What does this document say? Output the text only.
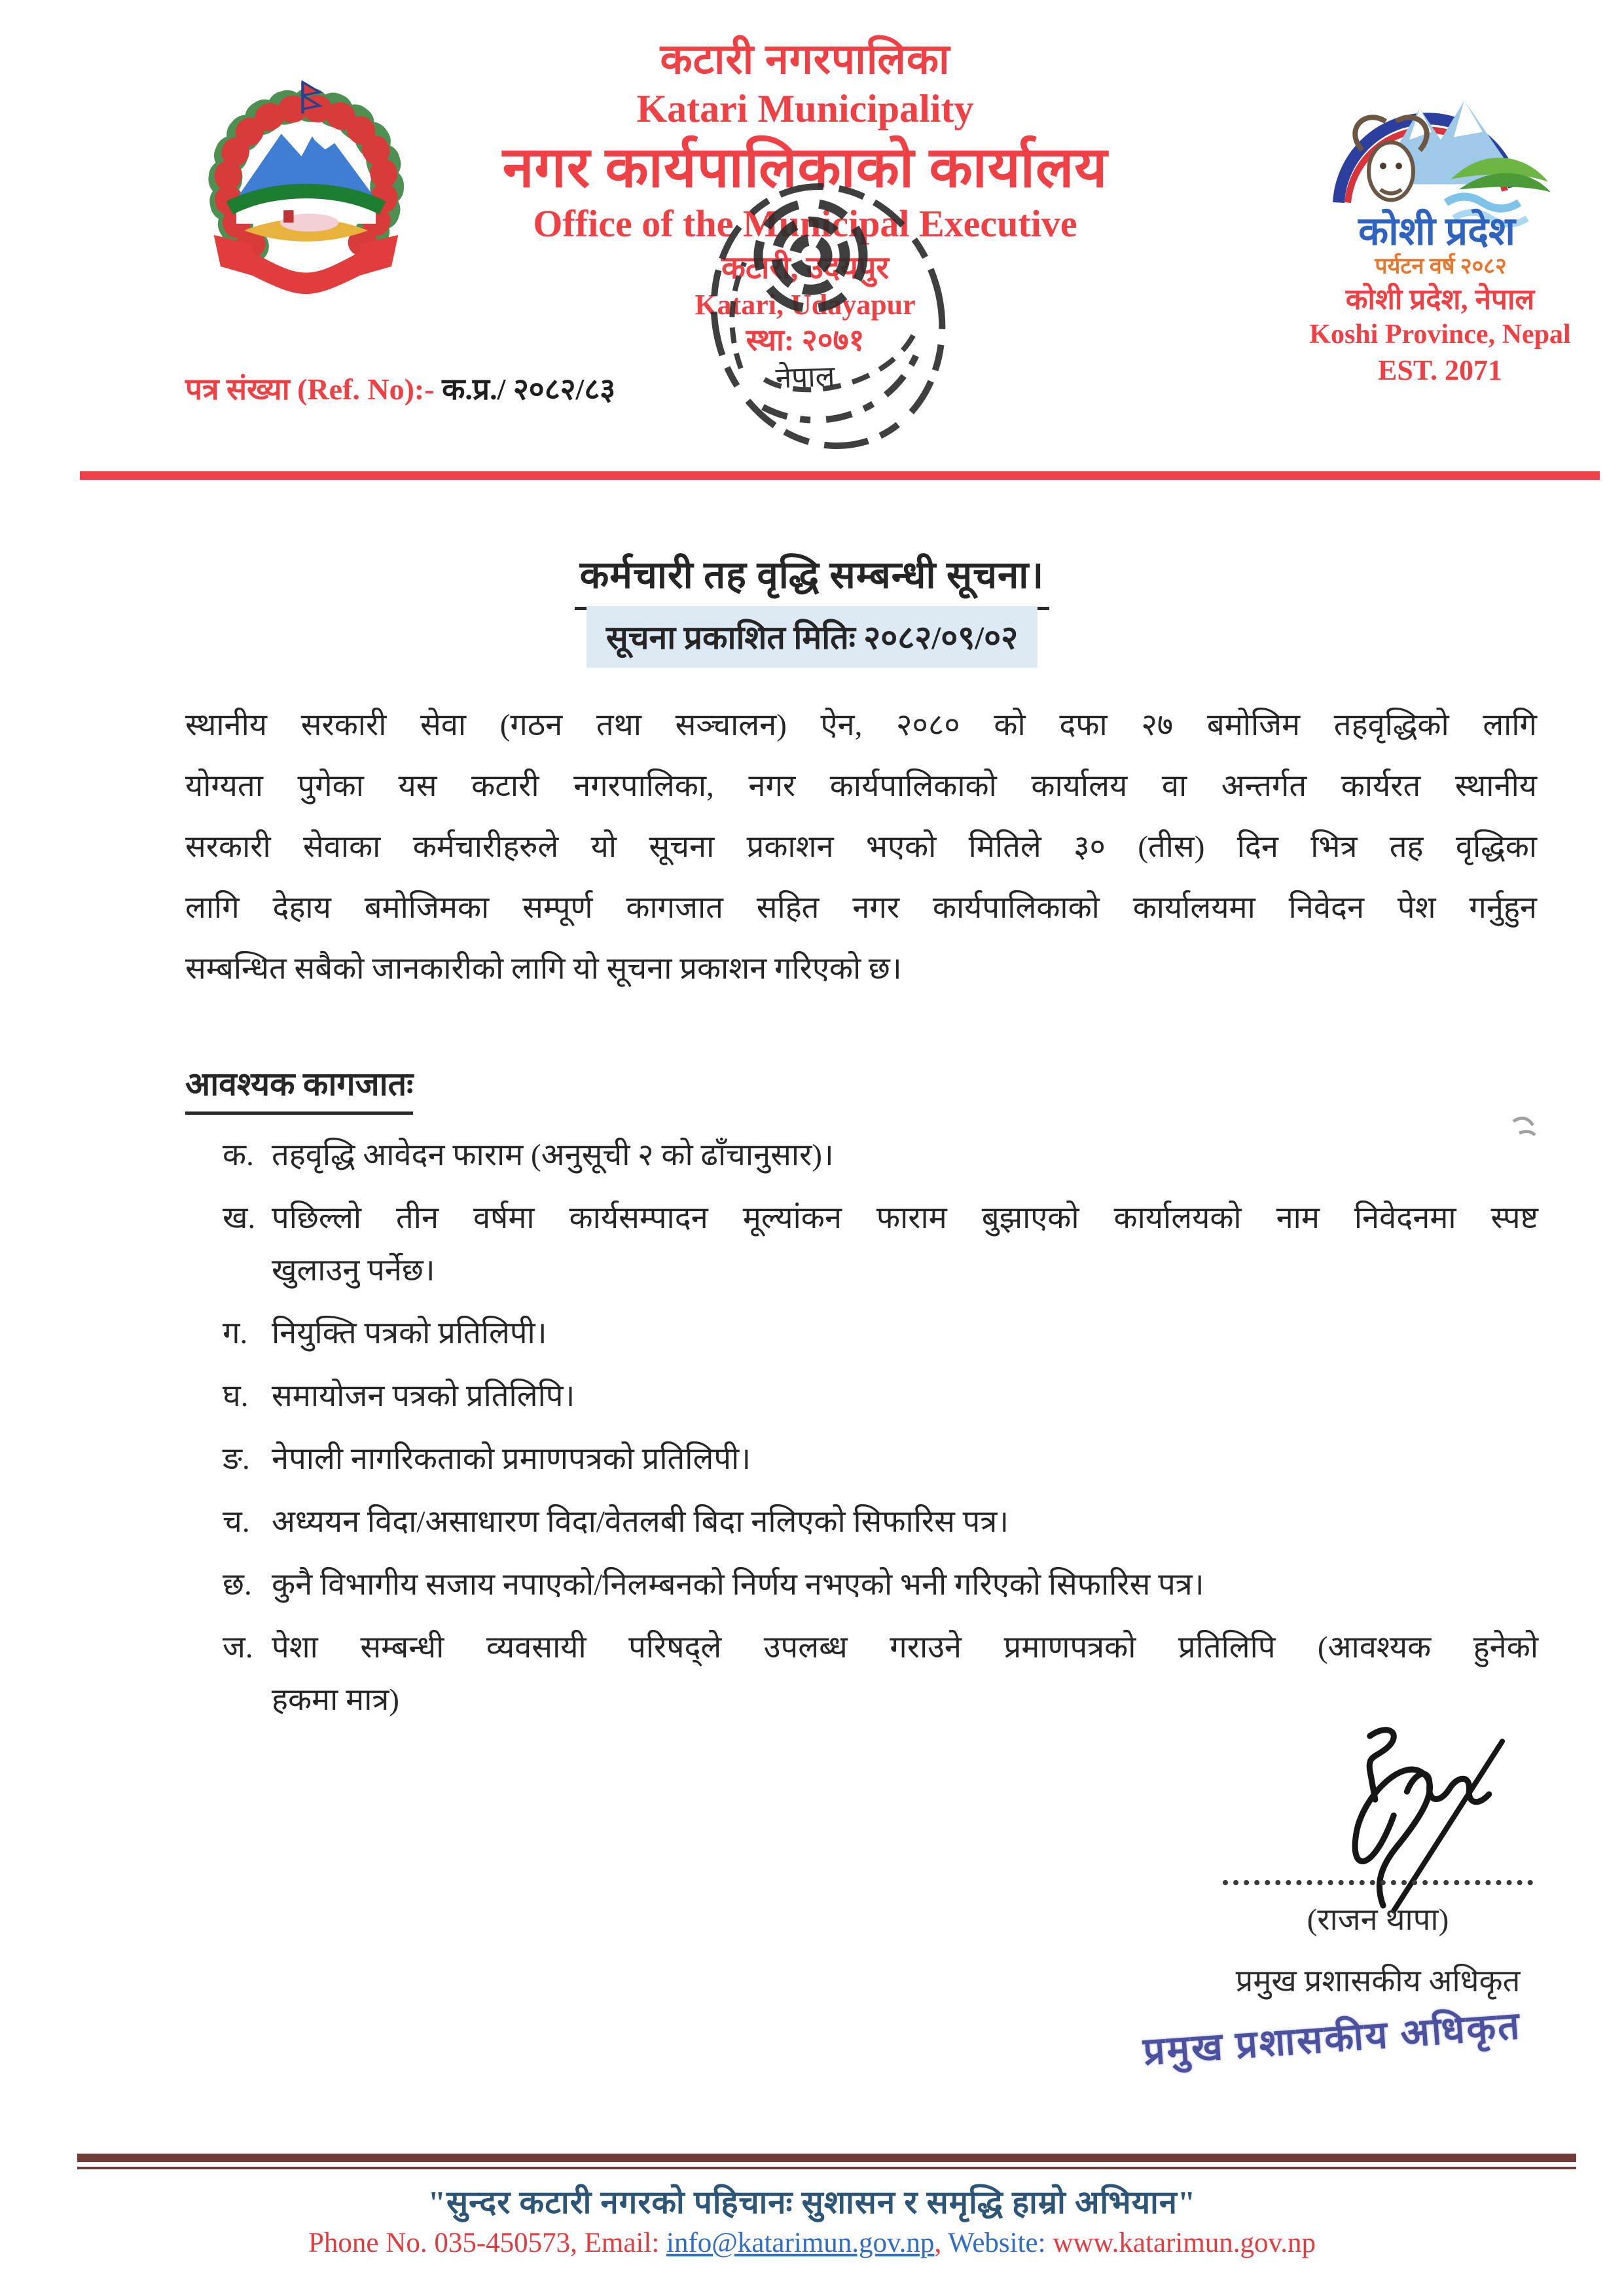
कटारी नगरपालिका
Katari Municipality
नगर कार्यपालिकाको कार्यालय
Office of the Municipal Executive
कटारी, उदयपुर
Katari, Udayapur
स्था: २०७१
नेपाल
कोशी प्रदेश
पर्यटन वर्ष २०८२
कोशी प्रदेश, नेपाल
Koshi Province, Nepal
EST. 2071
पत्र संख्या (Ref. No):- क.प्र./ २०८२/८३
कर्मचारी तह वृद्धि सम्बन्धी सूचना।
सूचना प्रकाशित मितिः २०८२/०९/०२
स्थानीय सरकारी सेवा (गठन तथा सञ्चालन) ऐन, २०८० को दफा २७ बमोजिम तहवृद्धिको लागि
योग्यता पुगेका यस कटारी नगरपालिका, नगर कार्यपालिकाको कार्यालय वा अन्तर्गत कार्यरत स्थानीय
सरकारी सेवाका कर्मचारीहरुले यो सूचना प्रकाशन भएको मितिले ३० (तीस) दिन भित्र तह वृद्धिका
लागि देहाय बमोजिमका सम्पूर्ण कागजात सहित नगर कार्यपालिकाको कार्यालयमा निवेदन पेश गर्नुहुन
सम्बन्धित सबैको जानकारीको लागि यो सूचना प्रकाशन गरिएको छ।
आवश्यक कागजातः
क. तहवृद्धि आवेदन फाराम (अनुसूची २ को ढाँचानुसार)।
ख. पछिल्लो तीन वर्षमा कार्यसम्पादन मूल्यांकन फाराम बुझाएको कार्यालयको नाम निवेदनमा स्पष्ट
खुलाउनु पर्नेछ।
ग. नियुक्ति पत्रको प्रतिलिपी।
घ. समायोजन पत्रको प्रतिलिपि।
ङ. नेपाली नागरिकताको प्रमाणपत्रको प्रतिलिपी।
च. अध्ययन विदा/असाधारण विदा/वेतलबी बिदा नलिएको सिफारिस पत्र।
छ. कुनै विभागीय सजाय नपाएको/निलम्बनको निर्णय नभएको भनी गरिएको सिफारिस पत्र।
ज. पेशा सम्बन्धी व्यवसायी परिषद्ले उपलब्ध गराउने प्रमाणपत्रको प्रतिलिपि (आवश्यक हुनेको
हकमा मात्र)
(राजन थापा)
प्रमुख प्रशासकीय अधिकृत
प्रमुख प्रशासकीय अधिकृत
"सुन्दर कटारी नगरको पहिचानः सुशासन र समृद्धि हाम्रो अभियान"
Phone No. 035-450573, Email: info@katarimun.gov.np, Website: www.katarimun.gov.np
